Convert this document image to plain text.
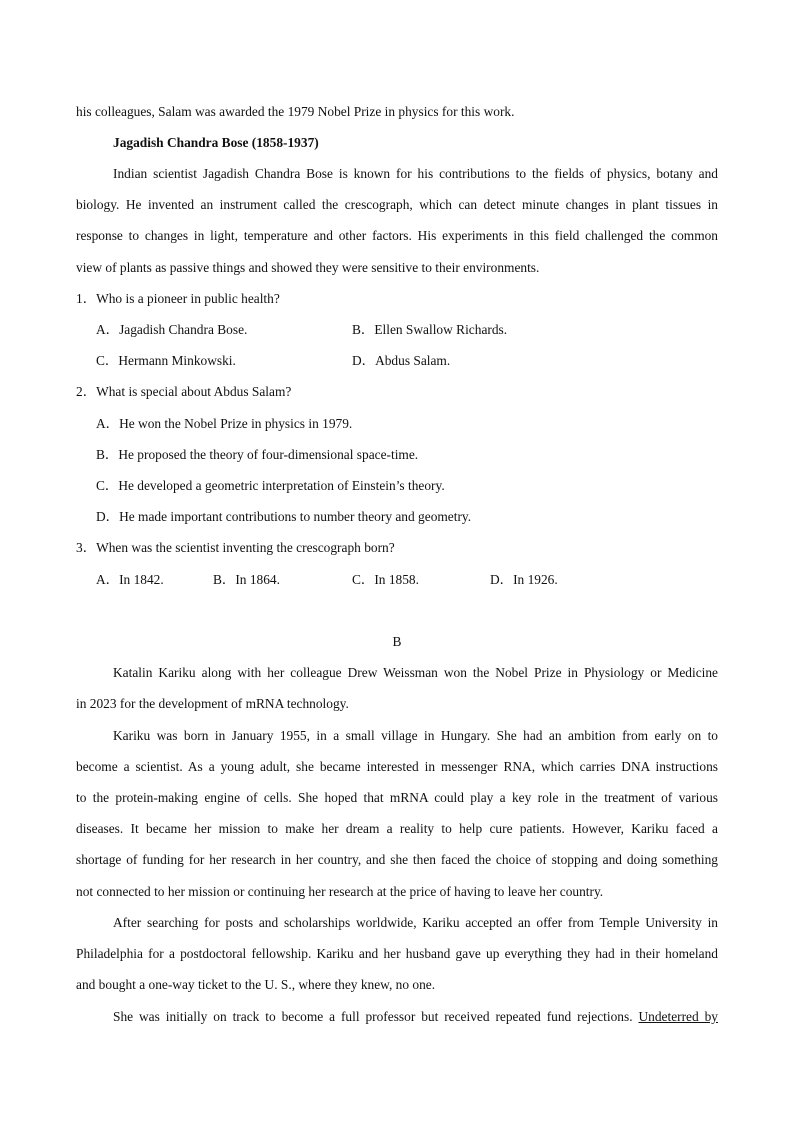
his colleagues, Salam was awarded the 1979 Nobel Prize in physics for this work.
Jagadish Chandra Bose (1858-1937)
Indian scientist Jagadish Chandra Bose is known for his contributions to the fields of physics, botany and
biology. He invented an instrument called the crescograph, which can detect minute changes in plant tissues in
response to changes in light, temperature and other factors. His experiments in this field challenged the common
view of plants as passive things and showed they were sensitive to their environments.
1．Who is a pioneer in public health?
A．Jagadish Chandra Bose.	B．Ellen Swallow Richards.
C．Hermann Minkowski.	D．Abdus Salam.
2．What is special about Abdus Salam?
A．He won the Nobel Prize in physics in 1979.
B．He proposed the theory of four-dimensional space-time.
C．He developed a geometric interpretation of Einstein’s theory.
D．He made important contributions to number theory and geometry.
3．When was the scientist inventing the crescograph born?
A．In 1842.	B．In 1864.	C．In 1858.	D．In 1926.
B
Katalin Kariku along with her colleague Drew Weissman won the Nobel Prize in Physiology or Medicine
in 2023 for the development of mRNA technology.
Kariku was born in January 1955, in a small village in Hungary. She had an ambition from early on to
become a scientist. As a young adult, she became interested in messenger RNA, which carries DNA instructions
to the protein-making engine of cells. She hoped that mRNA could play a key role in the treatment of various
diseases. It became her mission to make her dream a reality to help cure patients. However, Kariku faced a
shortage of funding for her research in her country, and she then faced the choice of stopping and doing something
not connected to her mission or continuing her research at the price of having to leave her country.
After searching for posts and scholarships worldwide, Kariku accepted an offer from Temple University in
Philadelphia for a postdoctoral fellowship. Kariku and her husband gave up everything they had in their homeland
and bought a one-way ticket to the U. S., where they knew, no one.
She was initially on track to become a full professor but received repeated fund rejections. Undeterred by
